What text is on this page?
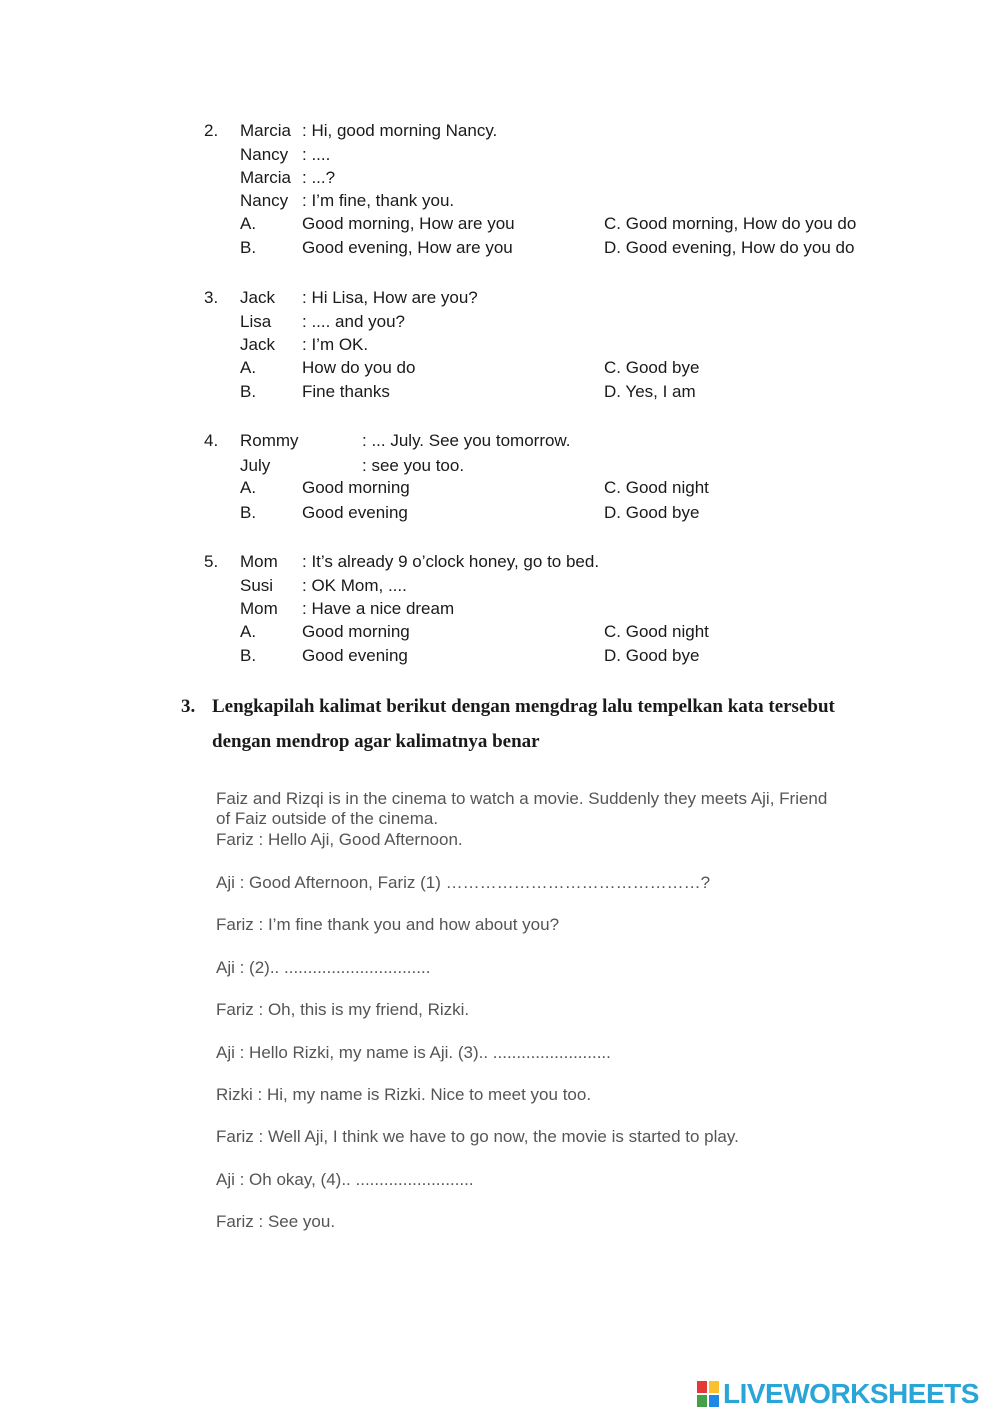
2. Marcia : Hi, good morning Nancy.
Nancy : ....
Marcia : ...?
Nancy : I’m fine, thank you.
A.	Good morning, How are you	C. Good morning, How do you do
B.	Good evening, How are you	D. Good evening, How do you do
3. Jack : Hi Lisa, How are you?
Lisa : .... and you?
Jack : I’m OK.
A.	How do you do	C. Good bye
B.	Fine thanks	D. Yes, I am
4. Rommy	: ... July. See you tomorrow.
July	: see you too.
A.	Good morning	C. Good night
B.	Good evening	D. Good bye
5. Mom : It’s already 9 o’clock honey, go to bed.
Susi : OK Mom, ....
Mom : Have a nice dream
A.	Good morning	C. Good night
B.	Good evening	D. Good bye
3. Lengkapilah kalimat berikut dengan mengdrag lalu tempelkan kata tersebut
dengan mendrop agar kalimatnya benar
Faiz and Rizqi is in the cinema to watch a movie. Suddenly they meets Aji, Friend
of Faiz outside of the cinema.
Fariz : Hello Aji, Good Afternoon.
Aji : Good Afternoon, Fariz (1) ………………………………………?
Fariz : I’m fine thank you and how about you?
Aji : (2).. ...............................
Fariz : Oh, this is my friend, Rizki.
Aji : Hello Rizki, my name is Aji. (3).. .........................
Rizki : Hi, my name is Rizki. Nice to meet you too.
Fariz : Well Aji, I think we have to go now, the movie is started to play.
Aji : Oh okay, (4).. .........................
Fariz : See you.
LIVEWORKSHEETS
